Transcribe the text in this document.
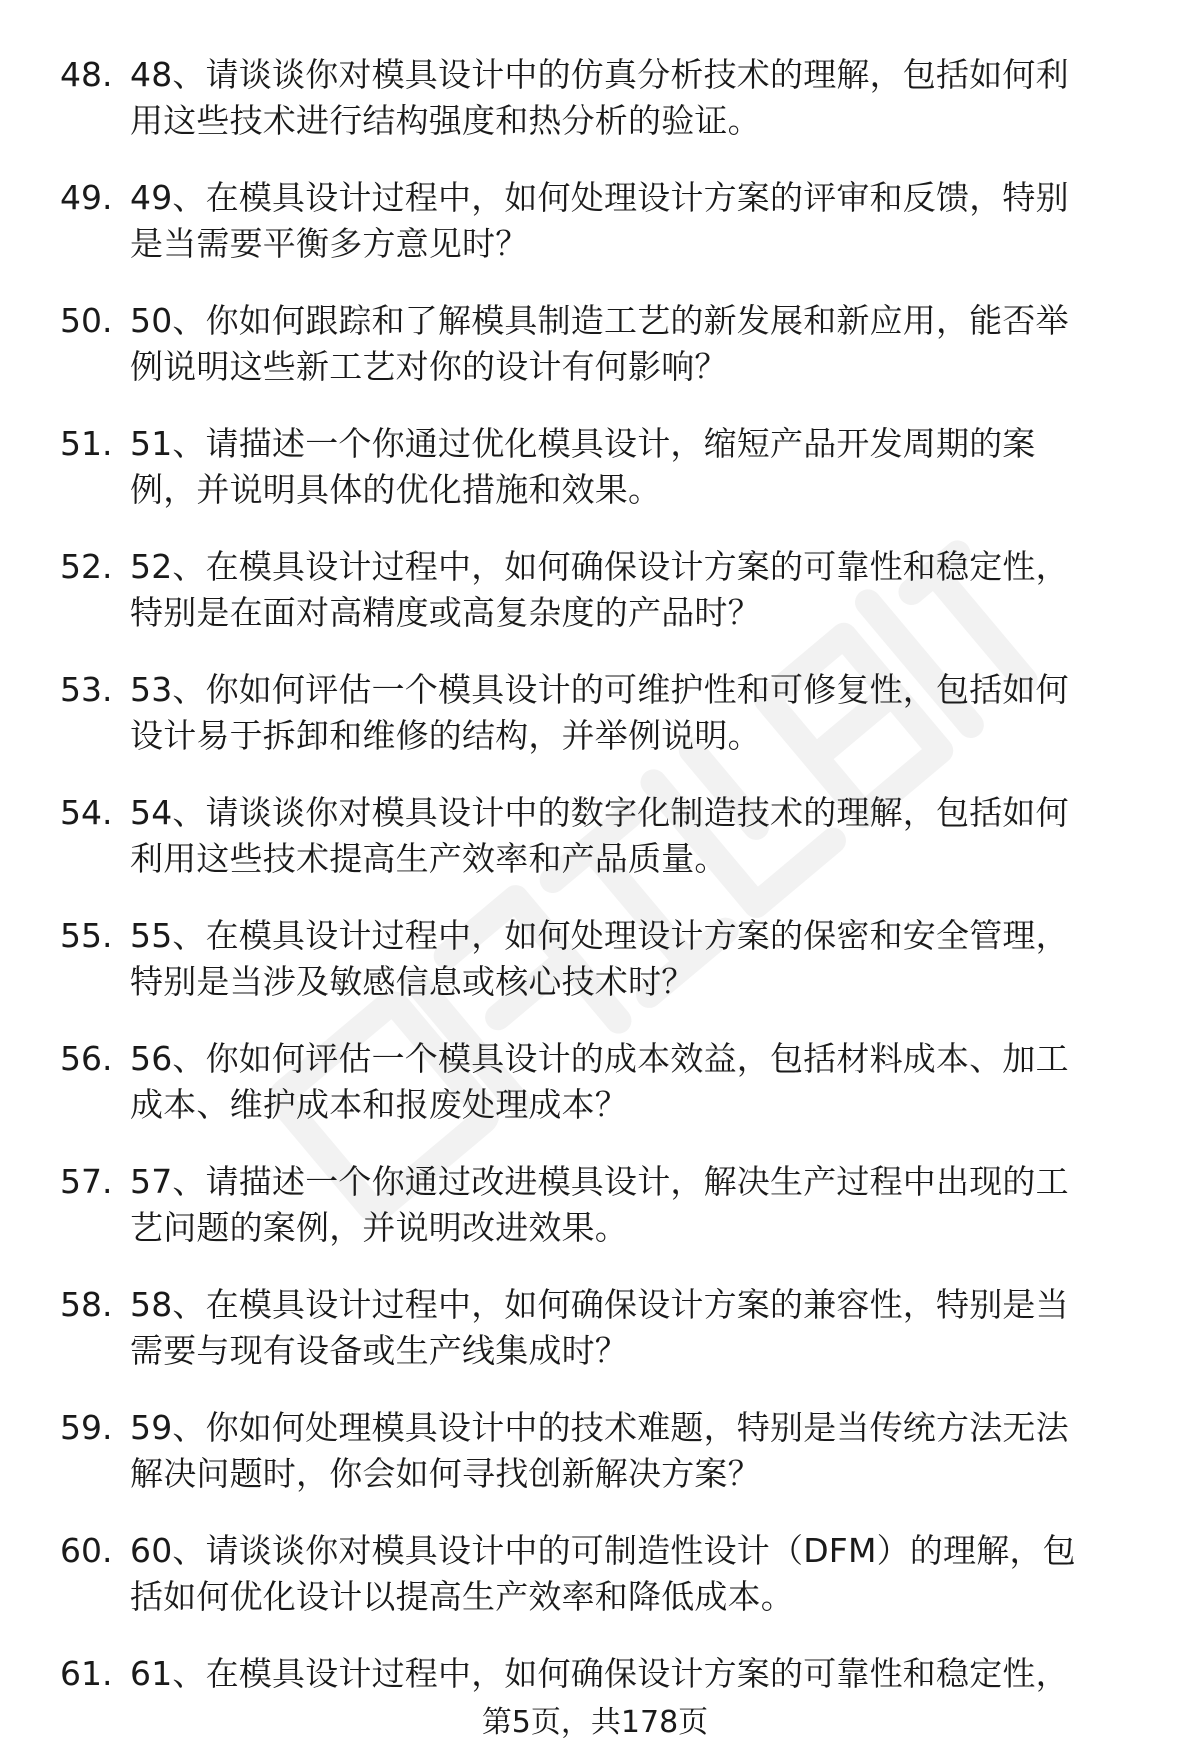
48. 48、请谈谈你对模具设计中的仿真分析技术的理解，包括如何利
用这些技术进行结构强度和热分析的验证。
49. 49、在模具设计过程中，如何处理设计方案的评审和反馈，特别
是当需要平衡多方意见时？
50. 50、你如何跟踪和了解模具制造工艺的新发展和新应用，能否举
例说明这些新工艺对你的设计有何影响？
51. 51、请描述一个你通过优化模具设计，缩短产品开发周期的案
例，并说明具体的优化措施和效果。
52. 52、在模具设计过程中，如何确保设计方案的可靠性和稳定性，
特别是在面对高精度或高复杂度的产品时？
53. 53、你如何评估一个模具设计的可维护性和可修复性，包括如何
设计易于拆卸和维修的结构，并举例说明。
54. 54、请谈谈你对模具设计中的数字化制造技术的理解，包括如何
利用这些技术提高生产效率和产品质量。
55. 55、在模具设计过程中，如何处理设计方案的保密和安全管理，
特别是当涉及敏感信息或核心技术时？
56. 56、你如何评估一个模具设计的成本效益，包括材料成本、加工
成本、维护成本和报废处理成本？
57. 57、请描述一个你通过改进模具设计，解决生产过程中出现的工
艺问题的案例，并说明改进效果。
58. 58、在模具设计过程中，如何确保设计方案的兼容性，特别是当
需要与现有设备或生产线集成时？
59. 59、你如何处理模具设计中的技术难题，特别是当传统方法无法
解决问题时，你会如何寻找创新解决方案？
60. 60、请谈谈你对模具设计中的可制造性设计（DFM）的理解，包
括如何优化设计以提高生产效率和降低成本。
61. 61、在模具设计过程中，如何确保设计方案的可靠性和稳定性，
第5页，共178页
